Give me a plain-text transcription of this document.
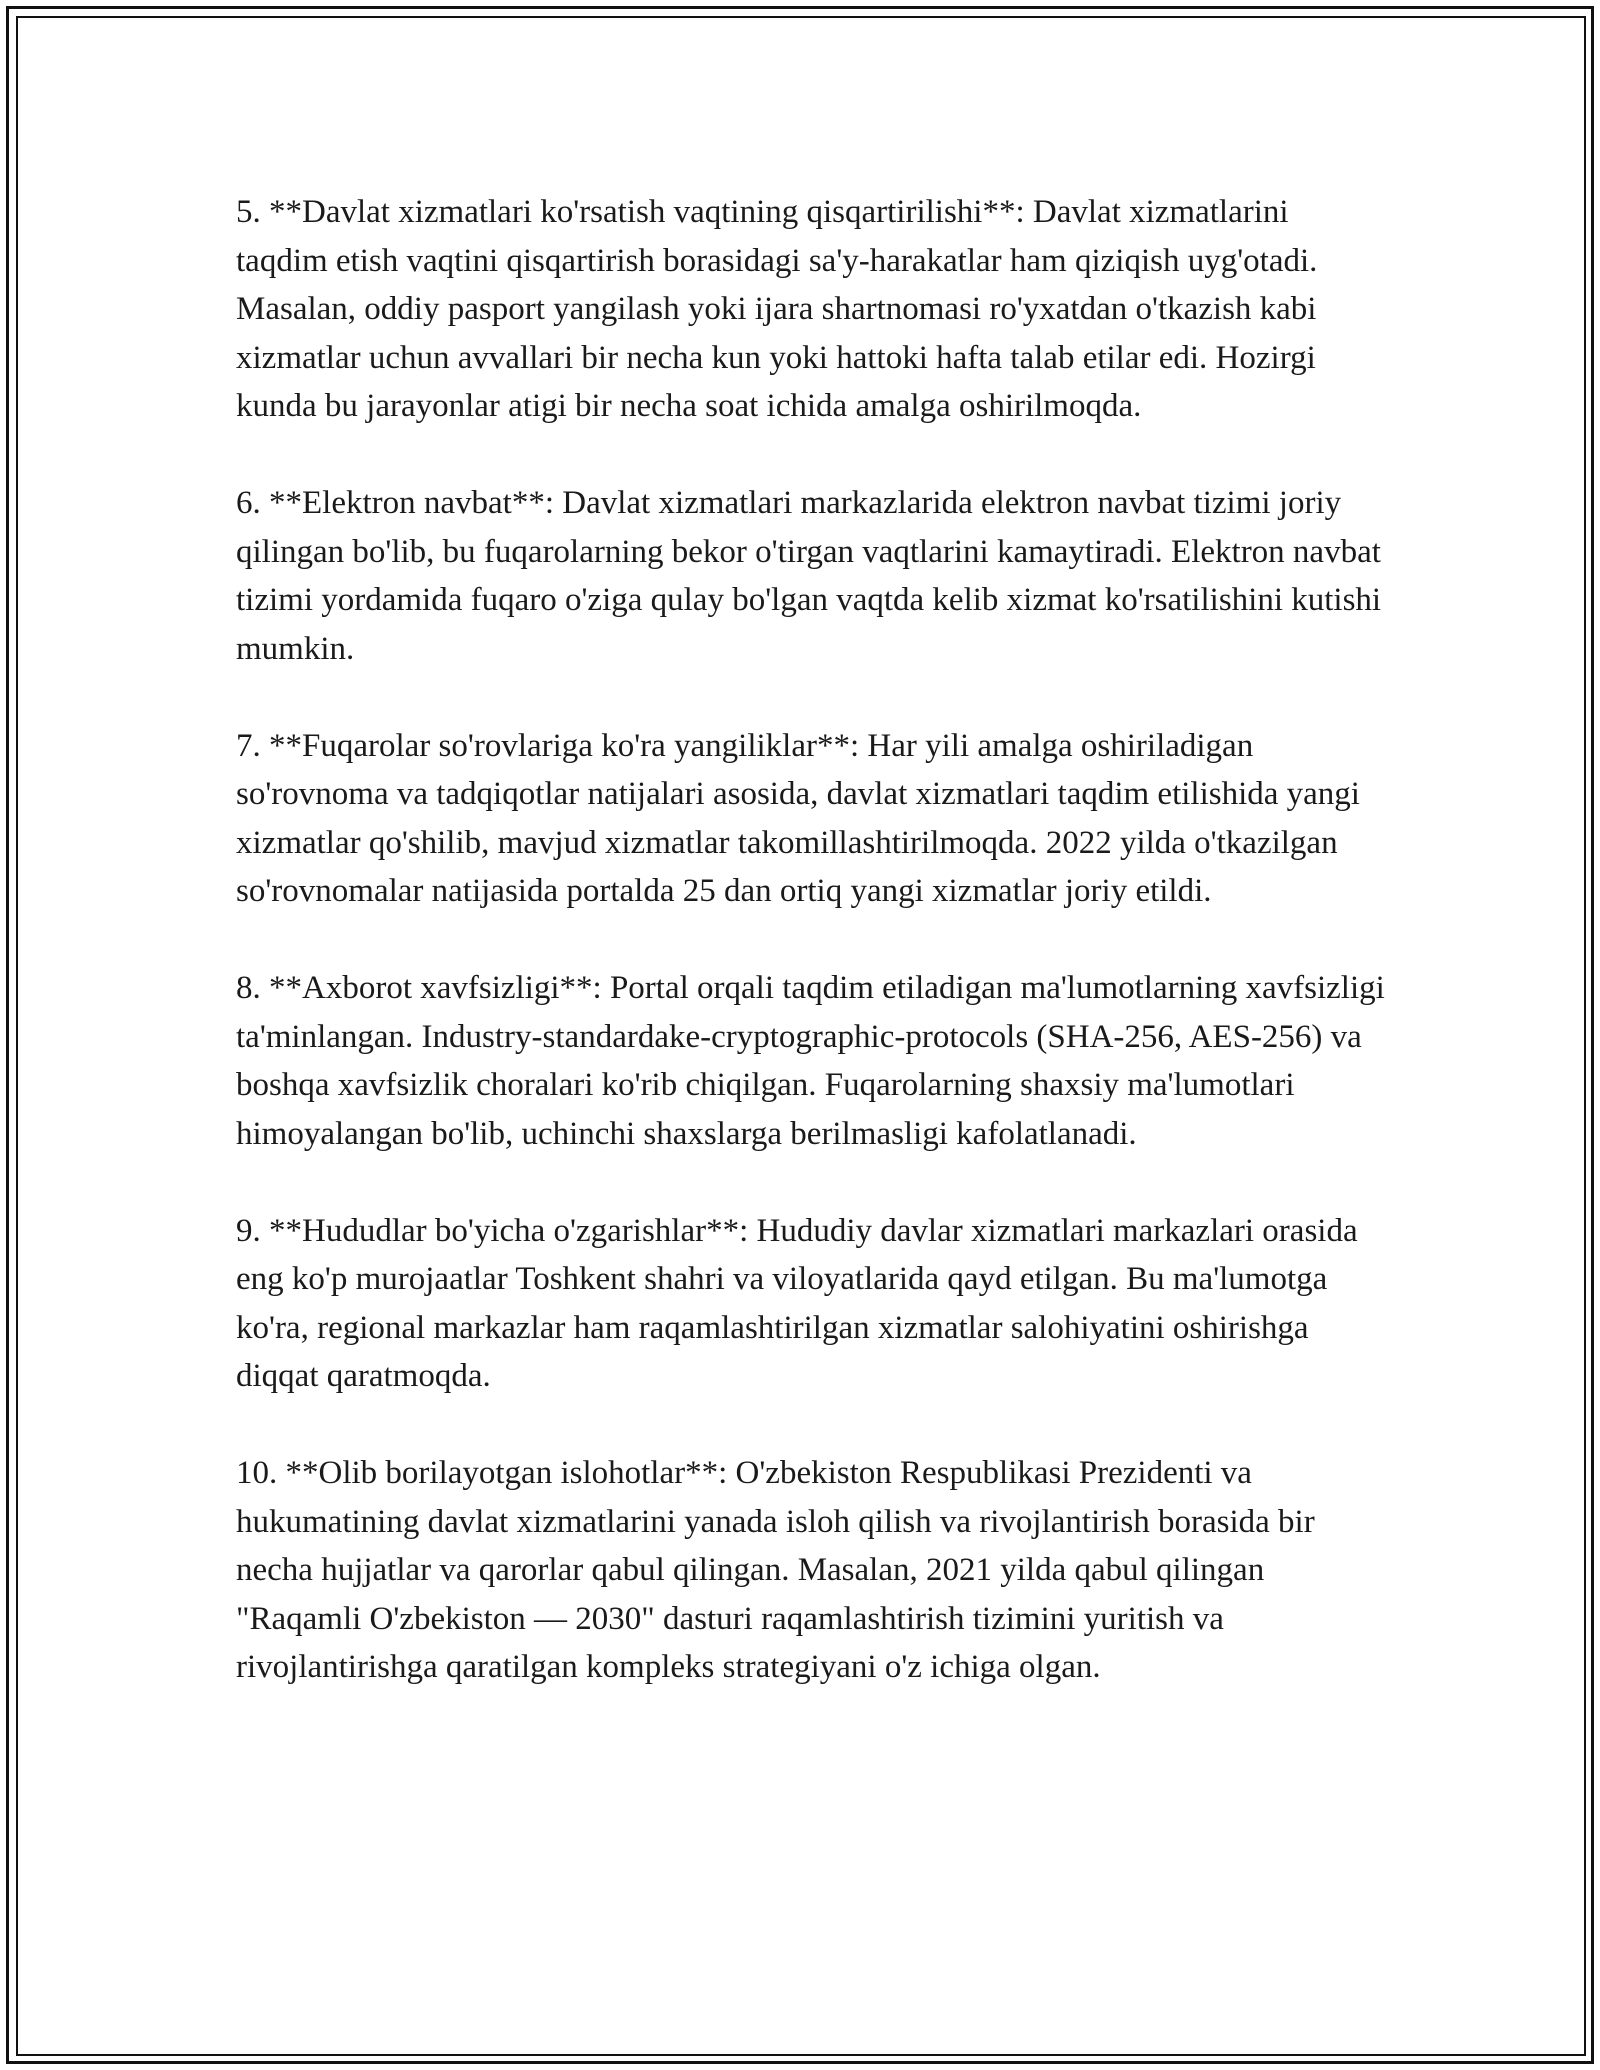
5. **Davlat xizmatlari ko'rsatish vaqtining qisqartirilishi**: Davlat xizmatlarini taqdim etish vaqtini qisqartirish borasidagi sa'y-harakatlar ham qiziqish uyg'otadi. Masalan, oddiy pasport yangilash yoki ijara shartnomasi ro'yxatdan o'tkazish kabi xizmatlar uchun avvallari bir necha kun yoki hattoki hafta talab etilar edi. Hozirgi kunda bu jarayonlar atigi bir necha soat ichida amalga oshirilmoqda.

6. **Elektron navbat**: Davlat xizmatlari markazlarida elektron navbat tizimi joriy qilingan bo'lib, bu fuqarolarning bekor o'tirgan vaqtlarini kamaytiradi. Elektron navbat tizimi yordamida fuqaro o'ziga qulay bo'lgan vaqtda kelib xizmat ko'rsatilishini kutishi mumkin.

7. **Fuqarolar so'rovlariga ko'ra yangiliklar**: Har yili amalga oshiriladigan so'rovnoma va tadqiqotlar natijalari asosida, davlat xizmatlari taqdim etilishida yangi xizmatlar qo'shilib, mavjud xizmatlar takomillashtirilmoqda. 2022 yilda o'tkazilgan so'rovnomalar natijasida portalda 25 dan ortiq yangi xizmatlar joriy etildi.

8. **Axborot xavfsizligi**: Portal orqali taqdim etiladigan ma'lumotlarning xavfsizligi ta'minlangan. Industry-standardake-cryptographic-protocols (SHA-256, AES-256) va boshqa xavfsizlik choralari ko'rib chiqilgan. Fuqarolarning shaxsiy ma'lumotlari himoyalangan bo'lib, uchinchi shaxslarga berilmasligi kafolatlanadi.

9. **Hududlar bo'yicha o'zgarishlar**: Hududiy davlar xizmatlari markazlari orasida eng ko'p murojaatlar Toshkent shahri va viloyatlarida qayd etilgan. Bu ma'lumotga ko'ra, regional markazlar ham raqamlashtirilgan xizmatlar salohiyatini oshirishga diqqat qaratmoqda.

10. **Olib borilayotgan islohotlar**: O'zbekiston Respublikasi Prezidenti va hukumatining davlat xizmatlarini yanada isloh qilish va rivojlantirish borasida bir necha hujjatlar va qarorlar qabul qilingan. Masalan, 2021 yilda qabul qilingan "Raqamli O'zbekiston — 2030" dasturi raqamlashtirish tizimini yuritish va rivojlantirishga qaratilgan kompleks strategiyani o'z ichiga olgan.
